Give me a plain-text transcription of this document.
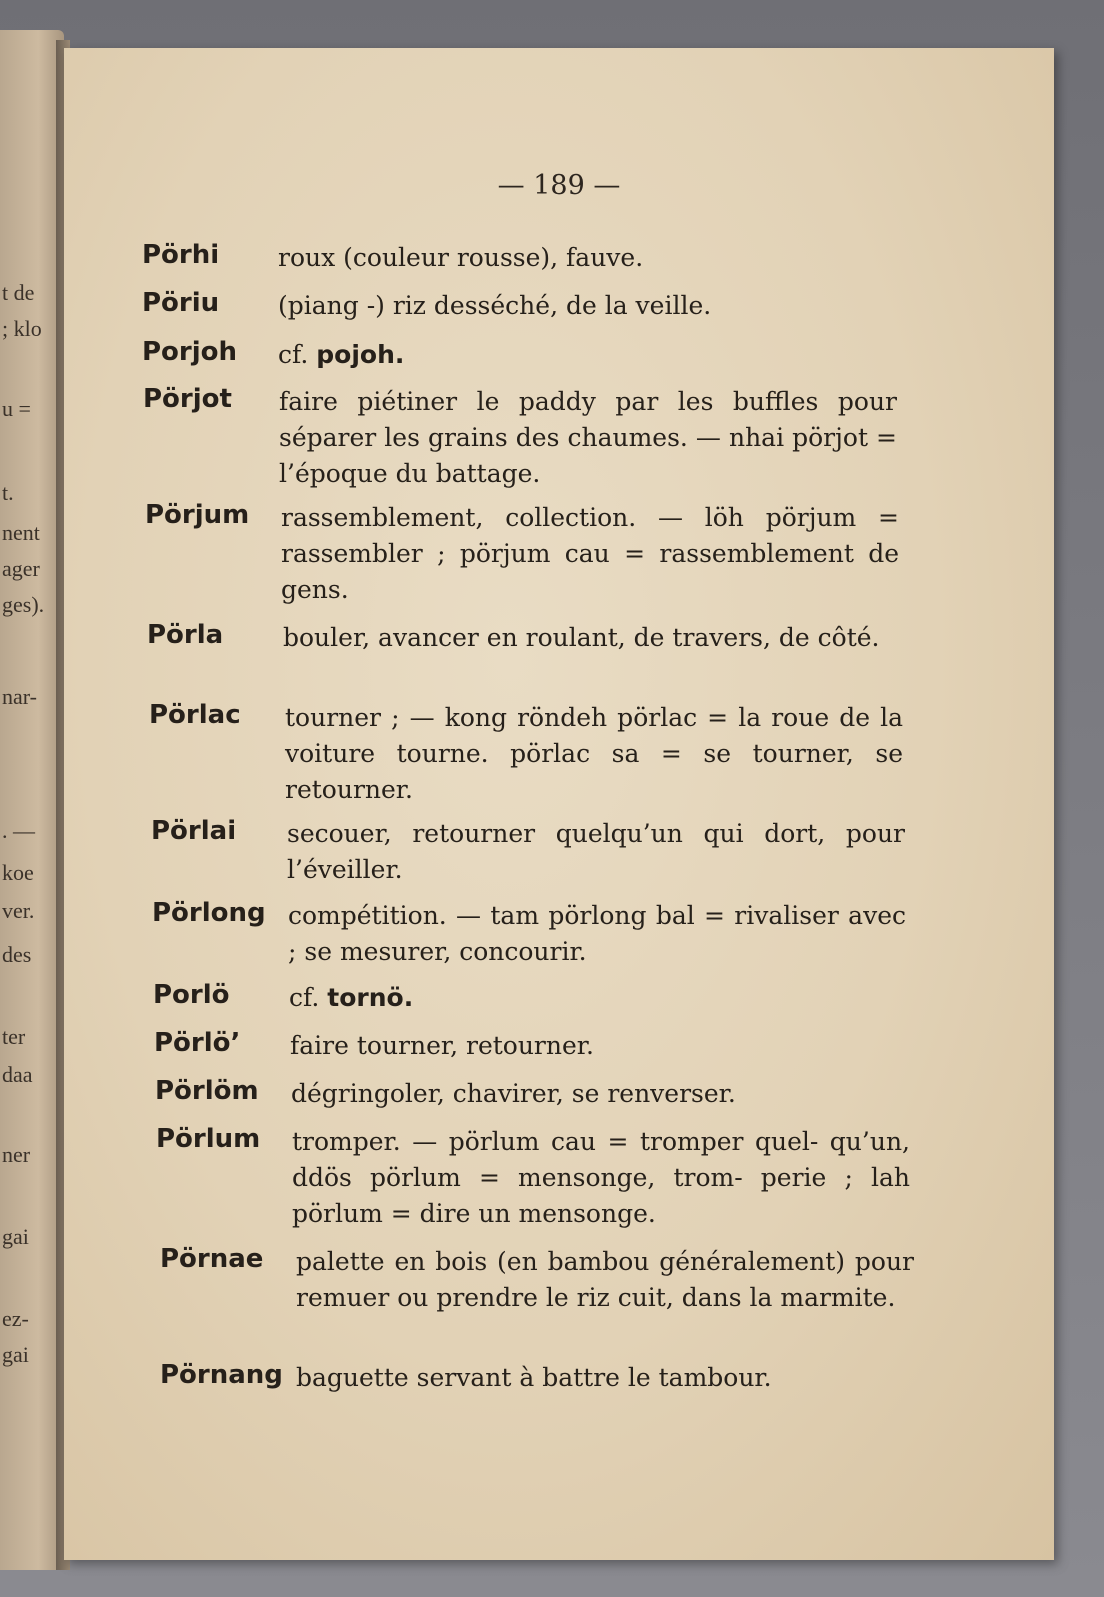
t de
; klo
u =
t.
nent
ager
ges).
nar-
. —
koe
ver.
des
ter
daa
ner
gai
ez-
gai
— 189 —
Pörhi	roux (couleur rousse), fauve.
Pöriu	(piang -) riz desséché, de la veille.
Porjoh	cf. pojoh.
Pörjot	faire piétiner le paddy par les buffles pour séparer les grains des chaumes. — nhai pörjot = l’époque du battage.
Pörjum	rassemblement, collection. — löh pörjum = rassembler ; pörjum cau = rassemblement de gens.
Pörla	bouler, avancer en roulant, de travers, de côté.
Pörlac	tourner ; — kong röndeh pörlac = la roue de la voiture tourne. pörlac sa = se tourner, se retourner.
Pörlai	secouer, retourner quelqu’un qui dort, pour l’éveiller.
Pörlong compétition. — tam pörlong bal = rivaliser avec ; se mesurer, concourir.
Porlö	cf. tornö.
Pörlö’	faire tourner, retourner.
Pörlöm	dégringoler, chavirer, se renverser.
Pörlum	tromper. — pörlum cau = tromper quel- qu’un, ddös pörlum = mensonge, trom- perie ; lah pörlum = dire un mensonge.
Pörnae	palette en bois (en bambou généralement) pour remuer ou prendre le riz cuit, dans la marmite.
Pörnang baguette servant à battre le tambour.
